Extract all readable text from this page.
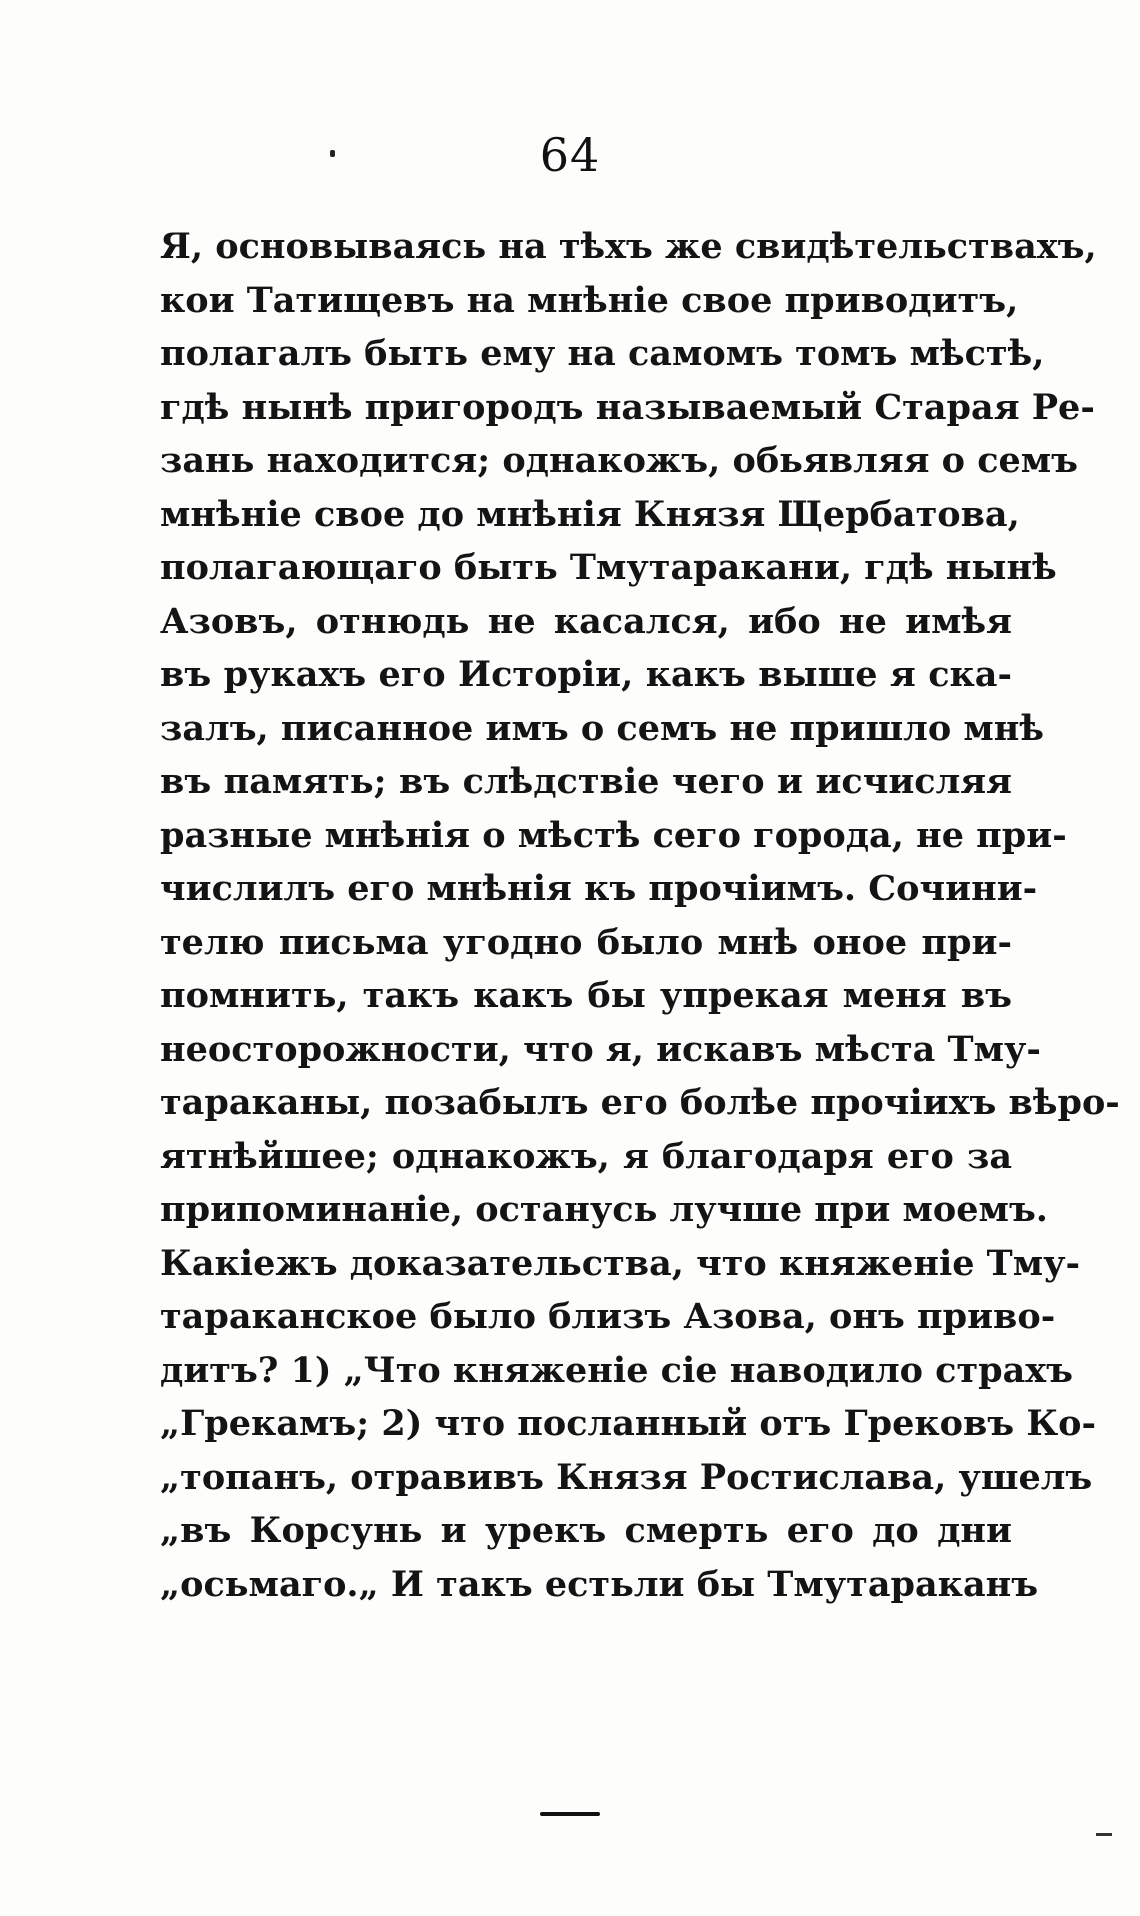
64
Я, основываясь на тѣхъ же свидѣтельствахъ,
кои Татищевъ на мнѣніе свое приводитъ,
полагалъ быть ему на самомъ томъ мѣстѣ,
гдѣ нынѣ пригородъ называемый Старая Ре-
зань находится; однакожъ, обьявляя о семъ
мнѣніе свое до мнѣнія Князя Щербатова,
полагающаго быть Тмутаракани, гдѣ нынѣ
Азовъ, отнюдь не касался, ибо не имѣя
въ рукахъ его Исторіи, какъ выше я ска-
залъ, писанное имъ о семъ не пришло мнѣ
въ память; въ слѣдствіе чего и исчисляя
разные мнѣнія о мѣстѣ сего города, не при-
числилъ его мнѣнія къ прочіимъ. Сочини-
телю письма угодно было мнѣ оное при-
помнить, такъ какъ бы упрекая меня въ
неосторожности, что я, искавъ мѣста Тму-
тараканы, позабылъ его болѣе прочіихъ вѣро-
ятнѣйшее; однакожъ, я благодаря его за
припоминаніе, останусь лучше при моемъ.
Какіежъ доказательства, что княженіе Тму-
тараканское было близъ Азова, онъ приво-
дитъ? 1) „Что княженіе сіе наводило страхъ
„Грекамъ; 2) что посланный отъ Грековъ Ко-
„топанъ, отравивъ Князя Ростислава, ушелъ
„въ Корсунь и урекъ смерть его до дни
„осьмаго.„ И такъ естьли бы Тмутараканъ
